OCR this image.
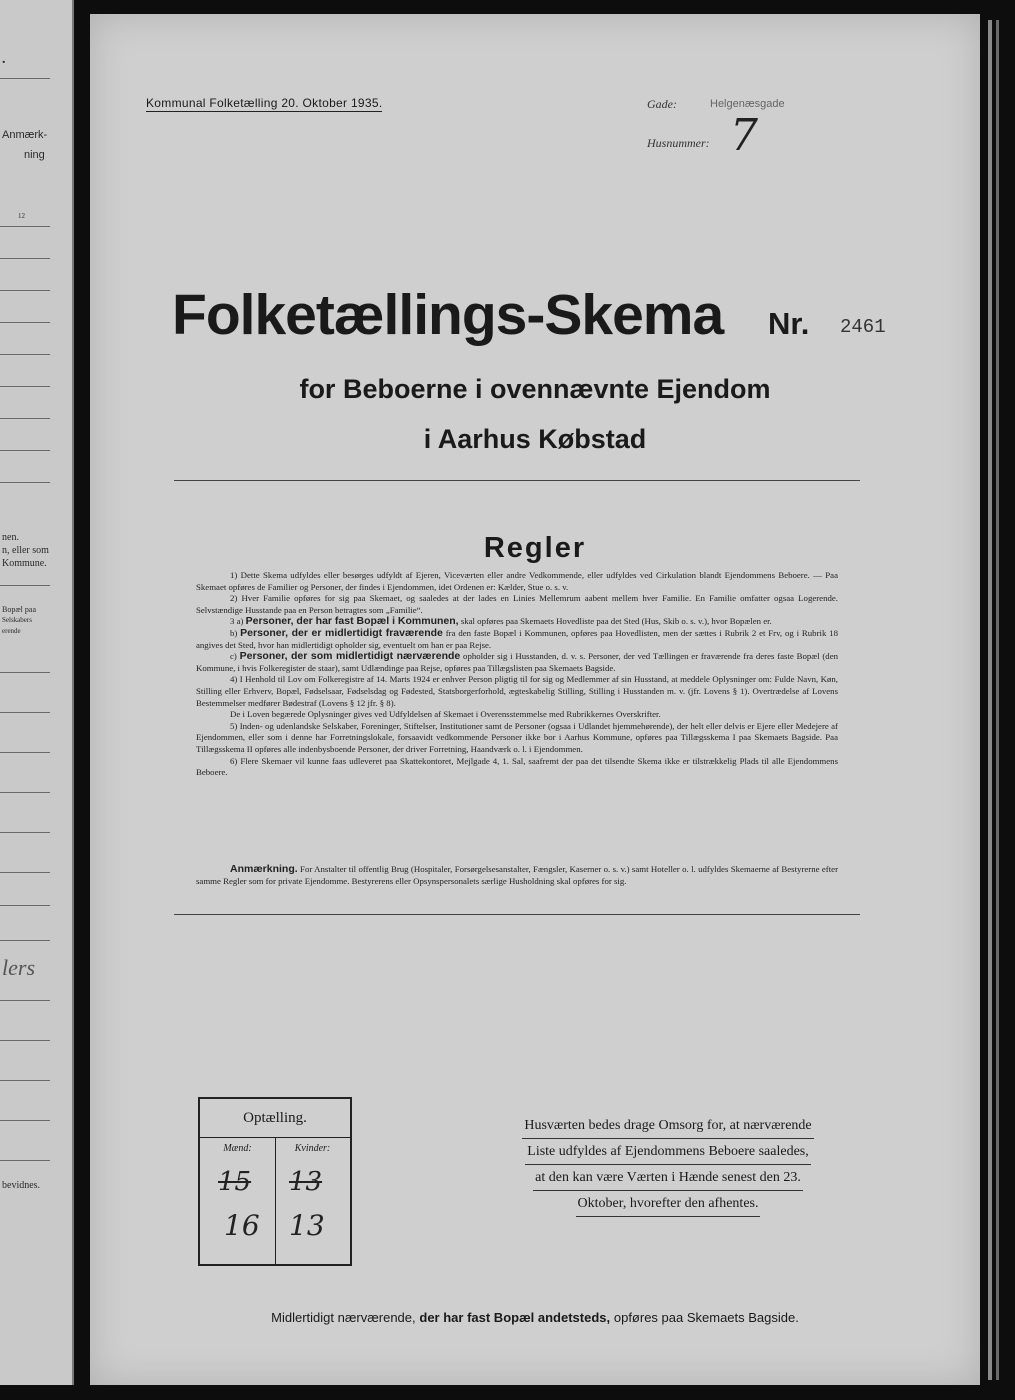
.
Anmærk-
ning
12
nen.
n, eller som
Kommune.
Bopæl paa
Selskabers
erende
lers
bevidnes.
Kommunal Folketælling 20. Oktober 1935.	Gade:	Helgenæsgade
Husnummer: 7
Folketællings-Skema Nr. 2461
for Beboerne i ovennævnte Ejendom
i Aarhus Købstad
Regler

1) Dette Skema udfyldes eller besørges udfyldt af Ejeren, Viceværten eller andre Vedkommende, eller udfyldes ved Cirkulation blandt Ejendommens Beboere. — Paa Skemaet opføres de Familier og Personer, der findes i Ejendommen, idet Ordenen er: Kælder, Stue o. s. v.

2) Hver Familie opføres for sig paa Skemaet, og saaledes at der lades en Linies Mellemrum aabent mellem hver Familie. En Familie omfatter ogsaa Logerende. Selvstændige Husstande paa en Person betragtes som „Familie“.

3 a) Personer, der har fast Bopæl i Kommunen, skal opføres paa Skemaets Hovedliste paa det Sted (Hus, Skib o. s. v.), hvor Bopælen er.

b) Personer, der er midlertidigt fraværende fra den faste Bopæl i Kommunen, opføres paa Hovedlisten, men der sættes i Rubrik 2 et Frv, og i Rubrik 18 angives det Sted, hvor han midlertidigt opholder sig, eventuelt om han er paa Rejse.

c) Personer, der som midlertidigt nærværende opholder sig i Husstanden, d. v. s. Personer, der ved Tællingen er fraværende fra deres faste Bopæl (den Kommune, i hvis Folkeregister de staar), samt Udlændinge paa Rejse, opføres paa Tillægslisten paa Skemaets Bagside.

4) I Henhold til Lov om Folkeregistre af 14. Marts 1924 er enhver Person pligtig til for sig og Medlemmer af sin Husstand, at meddele Oplysninger om: Fulde Navn, Køn, Stilling eller Erhverv, Bopæl, Fødselsaar, Fødselsdag og Fødested, Statsborgerforhold, ægteskabelig Stilling, Stilling i Husstanden m. v. (jfr. Lovens § 1). Overtrædelse af Lovens Bestemmelser medfører Bødestraf (Lovens § 12 jfr. § 8).

De i Loven begærede Oplysninger gives ved Udfyldelsen af Skemaet i Overensstemmelse med Rubrikkernes Overskrifter.

5) Inden- og udenlandske Selskaber, Foreninger, Stiftelser, Institutioner samt de Personer (ogsaa i Udlandet hjemmehørende), der helt eller delvis er Ejere eller Medejere af Ejendommen, eller som i denne har Forretningslokale, forsaavidt vedkommende Personer ikke bor i Aarhus Kommune, opføres paa Tillægsskema I paa Skemaets Bagside. Paa Tillægsskema II opføres alle indenbysboende Personer, der driver Forretning, Haandværk o. l. i Ejendommen.

6) Flere Skemaer vil kunne faas udleveret paa Skattekontoret, Mejlgade 4, 1. Sal, saafremt der paa det tilsendte Skema ikke er tilstrækkelig Plads til alle Ejendommens Beboere.

Anmærkning. For Anstalter til offentlig Brug (Hospitaler, Forsørgelsesanstalter, Fængsler, Kaserner o. s. v.) samt Hoteller o. l. udfyldes Skemaerne af Bestyrerne efter samme Regler som for private Ejendomme. Bestyrerens eller Opsynspersonalets særlige Husholdning skal opføres for sig.

Optælling.
Mænd:
15
16
Kvinder:
13
13
Husværten bedes drage Omsorg for, at nærværende
Liste udfyldes af Ejendommens Beboere saaledes,
at den kan være Værten i Hænde senest den 23.
Oktober, hvorefter den afhentes.
Midlertidigt nærværende, der har fast Bopæl andetsteds, opføres paa Skemaets Bagside.
